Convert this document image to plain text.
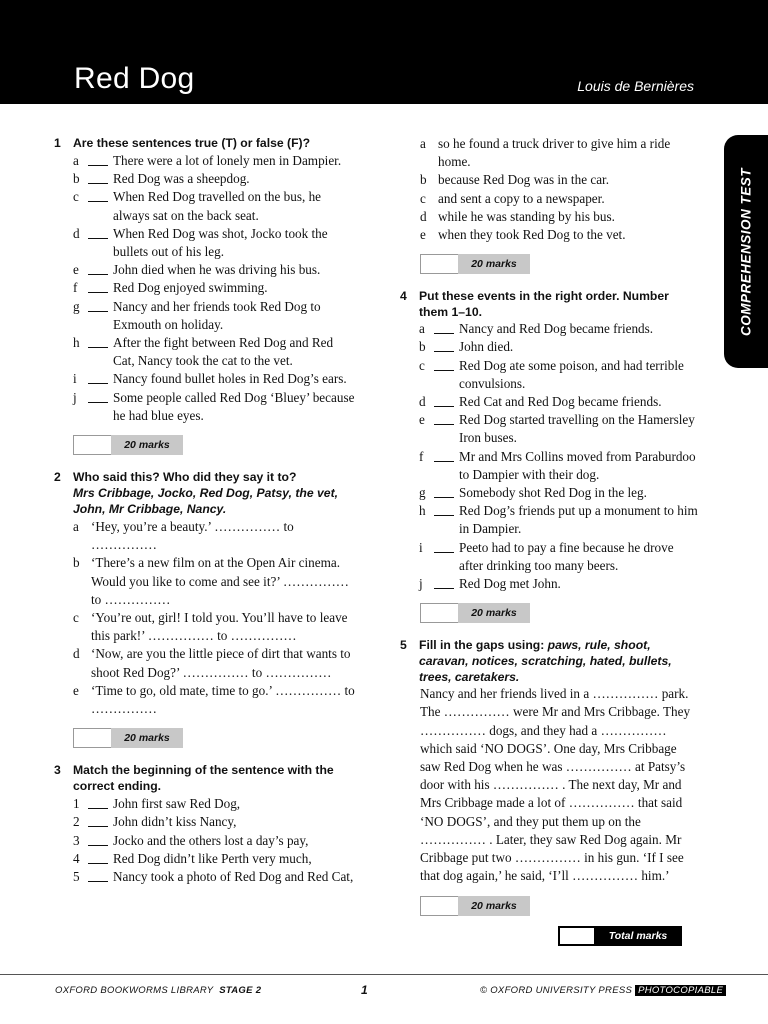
Red Dog	Louis de Bernières
COMPREHENSION TEST
1 Are these sentences true (T) or false (F)?
a	There were a lot of lonely men in Dampier.
b	Red Dog was a sheepdog.
c	When Red Dog travelled on the bus, he always sat on the back seat.
d	When Red Dog was shot, Jocko took the bullets out of his leg.
e	John died when he was driving his bus.
f	Red Dog enjoyed swimming.
g	Nancy and her friends took Red Dog to Exmouth on holiday.
h	After the fight between Red Dog and Red Cat, Nancy took the cat to the vet.
i	Nancy found bullet holes in Red Dog’s ears.
j	Some people called Red Dog ‘Bluey’ because he had blue eyes.
20 marks
2 Who said this? Who did they say it to?
Mrs Cribbage, Jocko, Red Dog, Patsy, the vet, John, Mr Cribbage, Nancy.
a ‘Hey, you’re a beauty.’ …………… to ……………
b ‘There’s a new film on at the Open Air cinema. Would you like to come and see it?’ …………… to ……………
c ‘You’re out, girl! I told you. You’ll have to leave this park!’ …………… to ……………
d ‘Now, are you the little piece of dirt that wants to shoot Red Dog?’ …………… to ……………
e ‘Time to go, old mate, time to go.’ …………… to ……………
20 marks
3 Match the beginning of the sentence with the correct ending.
1	John first saw Red Dog,
2	John didn’t kiss Nancy,
3	Jocko and the others lost a day’s pay,
4	Red Dog didn’t like Perth very much,
5	Nancy took a photo of Red Dog and Red Cat,
a so he found a truck driver to give him a ride home.
b because Red Dog was in the car.
c and sent a copy to a newspaper.
d while he was standing by his bus.
e when they took Red Dog to the vet.
20 marks
4 Put these events in the right order. Number them 1–10.
a	Nancy and Red Dog became friends.
b	John died.
c	Red Dog ate some poison, and had terrible convulsions.
d	Red Cat and Red Dog became friends.
e	Red Dog started travelling on the Hamersley Iron buses.
f	Mr and Mrs Collins moved from Paraburdoo to Dampier with their dog.
g	Somebody shot Red Dog in the leg.
h	Red Dog’s friends put up a monument to him in Dampier.
i	Peeto had to pay a fine because he drove after drinking too many beers.
j	Red Dog met John.
20 marks
5 Fill in the gaps using: paws, rule, shoot, caravan, notices, scratching, hated, bullets, trees, caretakers.
Nancy and her friends lived in a …………… park. The …………… were Mr and Mrs Cribbage. They …………… dogs, and they had a …………… which said ‘NO DOGS’. One day, Mrs Cribbage saw Red Dog when he was …………… at Patsy’s door with his …………… . The next day, Mr and Mrs Cribbage made a lot of …………… that said ‘NO DOGS’, and they put them up on the …………… . Later, they saw Red Dog again. Mr Cribbage put two …………… in his gun. ‘If I see that dog again,’ he said, ‘I’ll …………… him.’
20 marks
Total marks
OXFORD BOOKWORMS LIBRARY STAGE 2	1	© OXFORD UNIVERSITY PRESS PHOTOCOPIABLE
